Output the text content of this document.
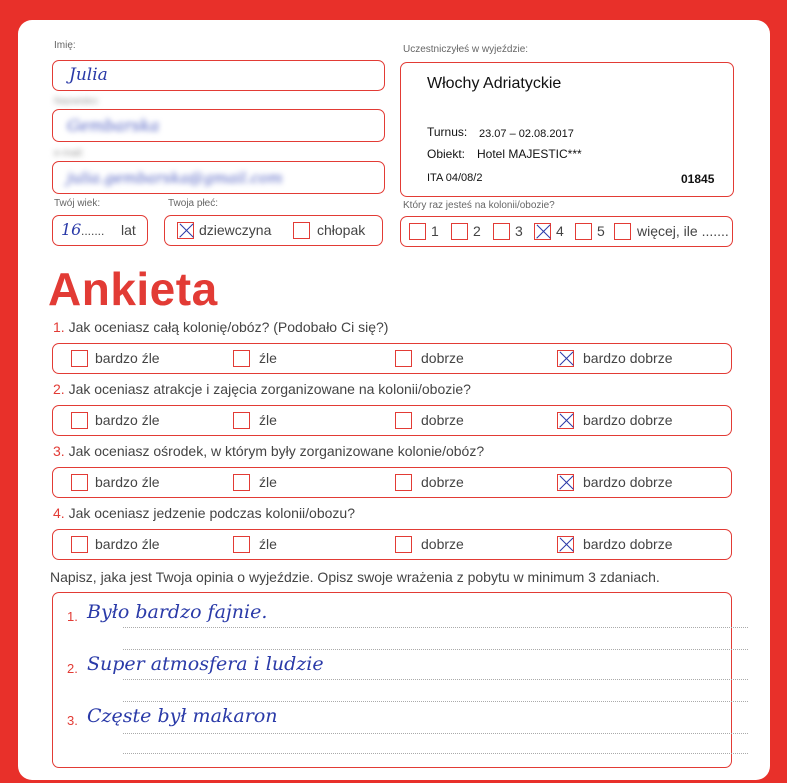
Imię:
Julia
Nazwisko:
Gembarska
e-mail:
julia.gembarska@gmail.com
Twój wiek:
16 ....... lat
Twoja płeć:
dziewczyna	chłopak
Uczestniczyłeś w wyjeździe:
Włochy Adriatyckie
Turnus: 23.07 – 02.08.2017
Obiekt: Hotel MAJESTIC***
ITA 04/08/2	01845
Który raz jesteś na kolonii/obozie?
1 2 3 4 5 więcej, ile .......
Ankieta
1. Jak oceniasz całą kolonię/obóz? (Podobało Ci się?)
bardzo źle	źle	dobrze	bardzo dobrze
2. Jak oceniasz atrakcje i zajęcia zorganizowane na kolonii/obozie?
bardzo źle	źle	dobrze	bardzo dobrze
3. Jak oceniasz ośrodek, w którym były zorganizowane kolonie/obóz?
bardzo źle	źle	dobrze	bardzo dobrze
4. Jak oceniasz jedzenie podczas kolonii/obozu?
bardzo źle	źle	dobrze	bardzo dobrze
Napisz, jaka jest Twoja opinia o wyjeździe. Opisz swoje wrażenia z pobytu w minimum 3 zdaniach.
1. Było bardzo fajnie.
2. Super atmosfera i ludzie
3. Częste był makaron
